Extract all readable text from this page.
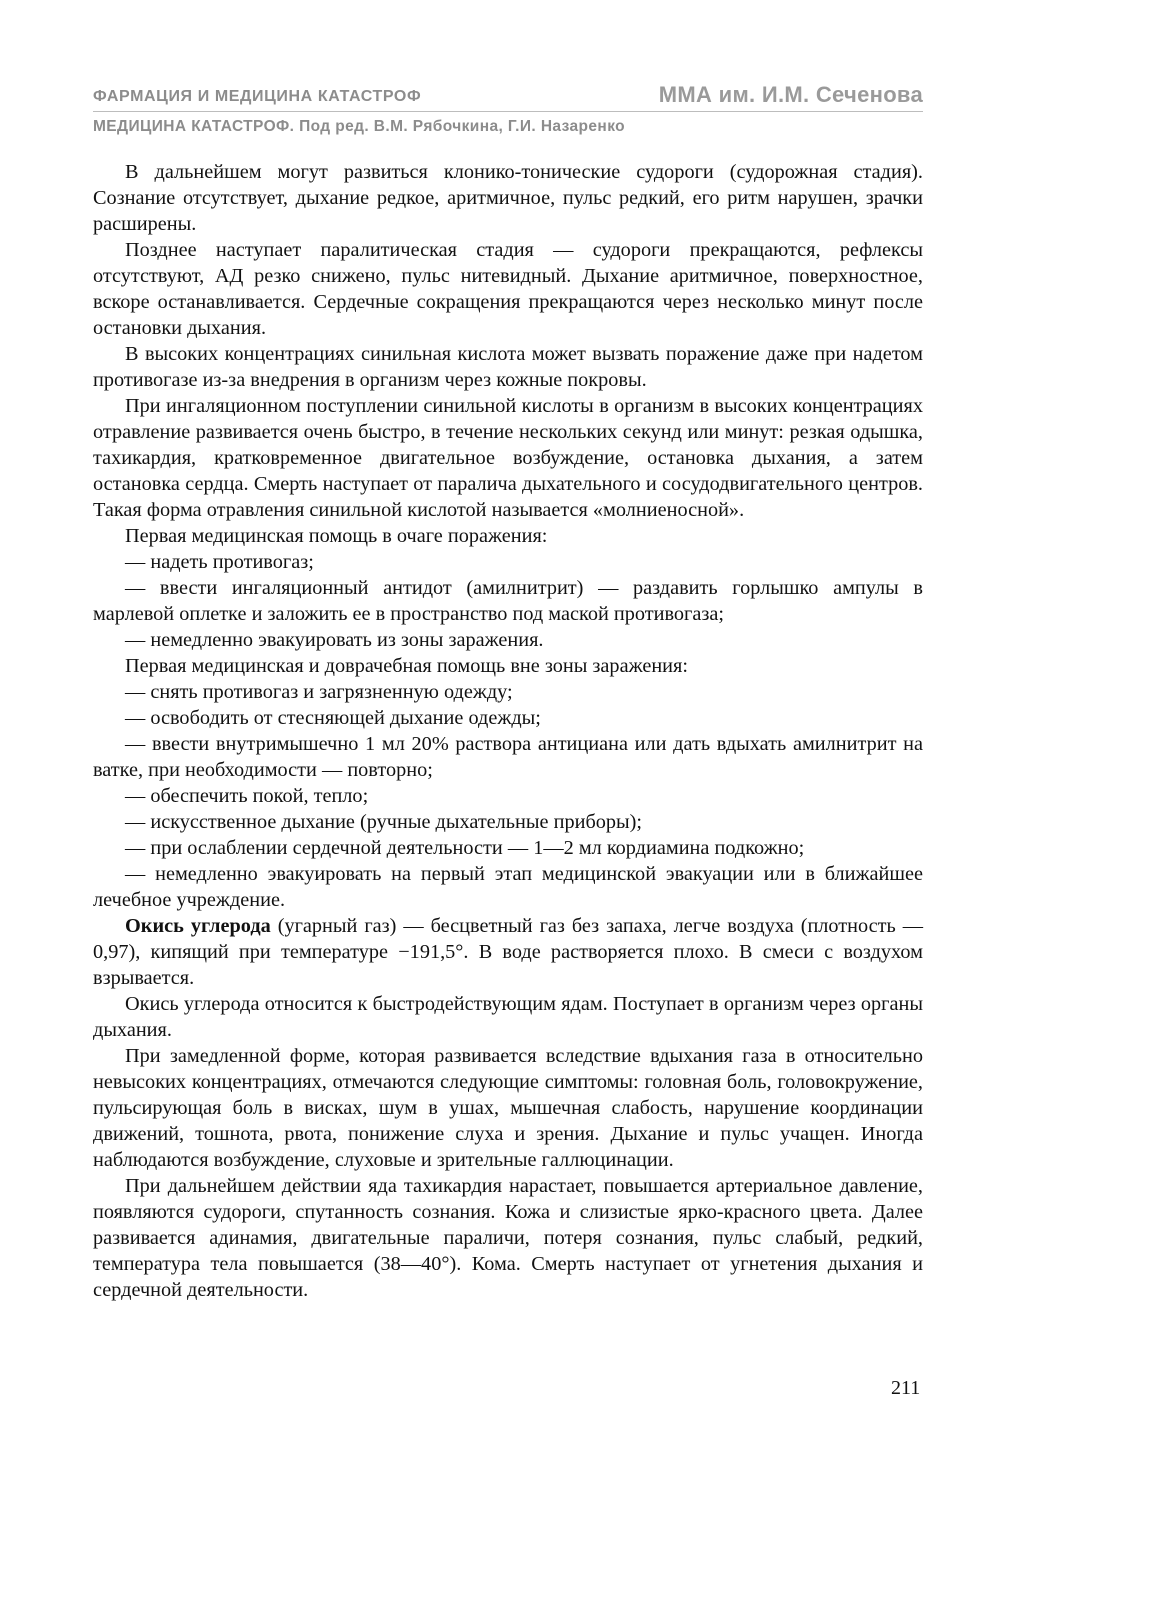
ФАРМАЦИЯ И МЕДИЦИНА КАТАСТРОФ	ММА им. И.М. Сеченова
МЕДИЦИНА КАТАСТРОФ. Под ред. В.М. Рябочкина, Г.И. Назаренко

В дальнейшем могут развиться клонико-тонические судороги (судорожная стадия). Сознание отсутствует, дыхание редкое, аритмичное, пульс редкий, его ритм нарушен, зрачки расширены.

Позднее наступает паралитическая стадия — судороги прекращаются, рефлексы отсутствуют, АД резко снижено, пульс нитевидный. Дыхание аритмичное, поверхностное, вскоре останавливается. Сердечные сокращения прекращаются через несколько минут после остановки дыхания.

В высоких концентрациях синильная кислота может вызвать поражение даже при надетом противогазе из-за внедрения в организм через кожные покровы.

При ингаляционном поступлении синильной кислоты в организм в высоких концентрациях отравление развивается очень быстро, в течение нескольких секунд или минут: резкая одышка, тахикардия, кратковременное двигательное возбуждение, остановка дыхания, а затем остановка сердца. Смерть наступает от паралича дыхательного и сосудодвигательного центров. Такая форма отравления синильной кислотой называется «молниеносной».

Первая медицинская помощь в очаге поражения:

— надеть противогаз;

— ввести ингаляционный антидот (амилнитрит) — раздавить горлышко ампулы в марлевой оплетке и заложить ее в пространство под маской противогаза;

— немедленно эвакуировать из зоны заражения.

Первая медицинская и доврачебная помощь вне зоны заражения:

— снять противогаз и загрязненную одежду;

— освободить от стесняющей дыхание одежды;

— ввести внутримышечно 1 мл 20% раствора антициана или дать вдыхать амилнитрит на ватке, при необходимости — повторно;

— обеспечить покой, тепло;

— искусственное дыхание (ручные дыхательные приборы);

— при ослаблении сердечной деятельности — 1—2 мл кордиамина подкожно;

— немедленно эвакуировать на первый этап медицинской эвакуации или в ближайшее лечебное учреждение.

Окись углерода (угарный газ) — бесцветный газ без запаха, легче воздуха (плотность — 0,97), кипящий при температуре −191,5°. В воде растворяется плохо. В смеси с воздухом взрывается.

Окись углерода относится к быстродействующим ядам. Поступает в организм через органы дыхания.

При замедленной форме, которая развивается вследствие вдыхания газа в относительно невысоких концентрациях, отмечаются следующие симптомы: головная боль, головокружение, пульсирующая боль в висках, шум в ушах, мышечная слабость, нарушение координации движений, тошнота, рвота, понижение слуха и зрения. Дыхание и пульс учащен. Иногда наблюдаются возбуждение, слуховые и зрительные галлюцинации.

При дальнейшем действии яда тахикардия нарастает, повышается артериальное давление, появляются судороги, спутанность сознания. Кожа и слизистые ярко-красного цвета. Далее развивается адинамия, двигательные параличи, потеря сознания, пульс слабый, редкий, температура тела повышается (38—40°). Кома. Смерть наступает от угнетения дыхания и сердечной деятельности.

211
